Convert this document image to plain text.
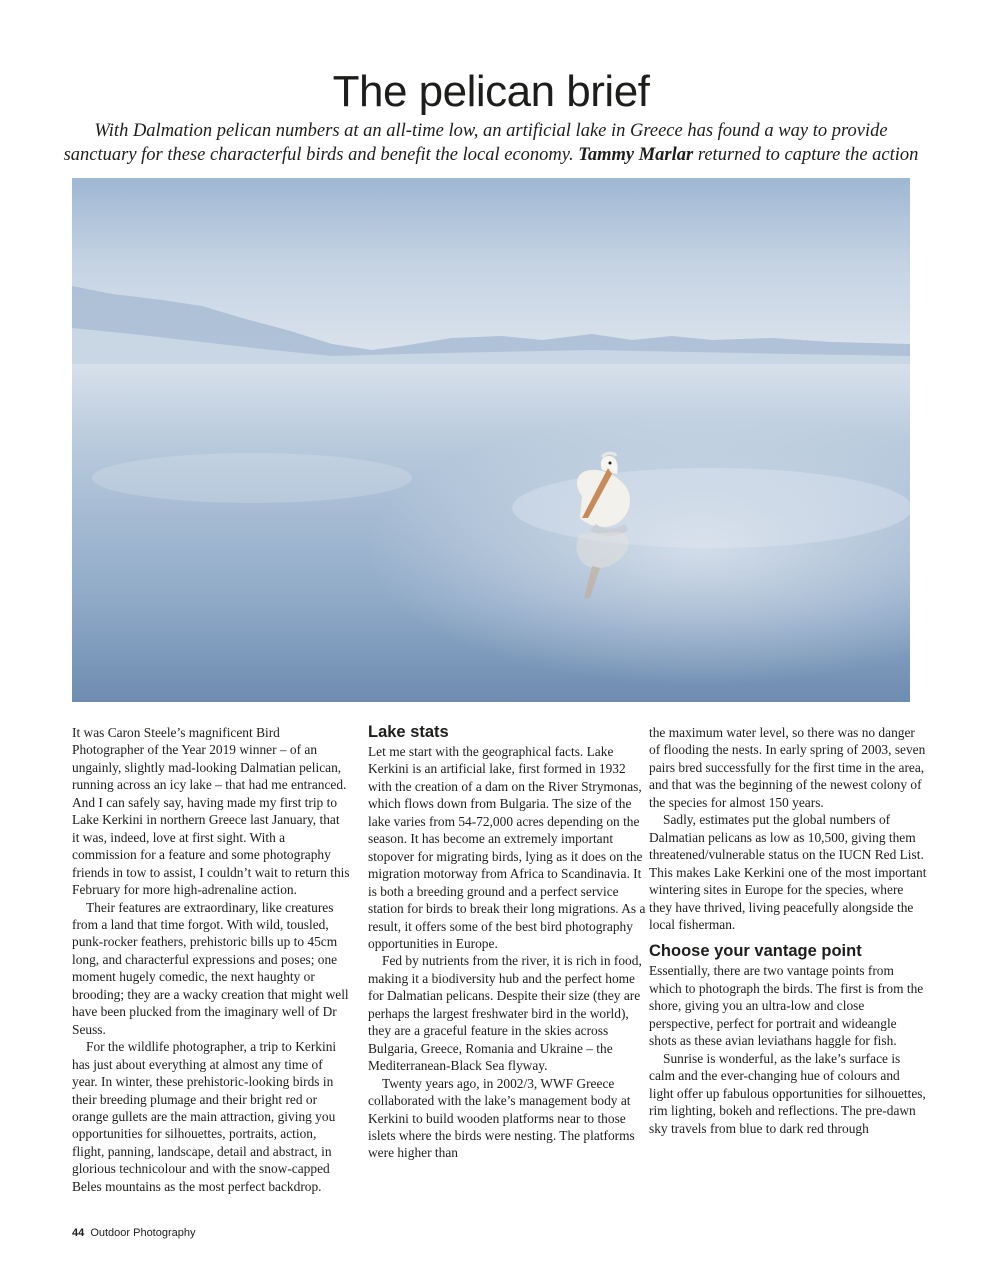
The pelican brief

With Dalmation pelican numbers at an all-time low, an artificial lake in Greece has found a way to provide sanctuary for these characterful birds and benefit the local economy. Tammy Marlar returned to capture the action

It was Caron Steele’s magnificent Bird Photographer of the Year 2019 winner – of an ungainly, slightly mad-looking Dalmatian pelican, running across an icy lake – that had me entranced. And I can safely say, having made my first trip to Lake Kerkini in northern Greece last January, that it was, indeed, love at first sight. With a commission for a feature and some photography friends in tow to assist, I couldn’t wait to return this February for more high-adrenaline action.

Their features are extraordinary, like creatures from a land that time forgot. With wild, tousled, punk-rocker feathers, prehistoric bills up to 45cm long, and characterful expressions and poses; one moment hugely comedic, the next haughty or brooding; they are a wacky creation that might well have been plucked from the imaginary well of Dr Seuss.

For the wildlife photographer, a trip to Kerkini has just about everything at almost any time of year. In winter, these prehistoric-looking birds in their breeding plumage and their bright red or orange gullets are the main attraction, giving you opportunities for silhouettes, portraits, action, flight, panning, landscape, detail and abstract, in glorious technicolour and with the snow-capped Beles mountains as the most perfect backdrop.

Lake stats

Let me start with the geographical facts. Lake Kerkini is an artificial lake, first formed in 1932 with the creation of a dam on the River Strymonas, which flows down from Bulgaria. The size of the lake varies from 54-72,000 acres depending on the season. It has become an extremely important stopover for migrating birds, lying as it does on the migration motorway from Africa to Scandinavia. It is both a breeding ground and a perfect service station for birds to break their long migrations. As a result, it offers some of the best bird photography opportunities in Europe.

Fed by nutrients from the river, it is rich in food, making it a biodiversity hub and the perfect home for Dalmatian pelicans. Despite their size (they are perhaps the largest freshwater bird in the world), they are a graceful feature in the skies across Bulgaria, Greece, Romania and Ukraine – the Mediterranean-Black Sea flyway.

Twenty years ago, in 2002/3, WWF Greece collaborated with the lake’s management body at Kerkini to build wooden platforms near to those islets where the birds were nesting. The platforms were higher than

the maximum water level, so there was no danger of flooding the nests. In early spring of 2003, seven pairs bred successfully for the first time in the area, and that was the beginning of the newest colony of the species for almost 150 years.

Sadly, estimates put the global numbers of Dalmatian pelicans as low as 10,500, giving them threatened/vulnerable status on the IUCN Red List. This makes Lake Kerkini one of the most important wintering sites in Europe for the species, where they have thrived, living peacefully alongside the local fisherman.

Choose your vantage point

Essentially, there are two vantage points from which to photograph the birds. The first is from the shore, giving you an ultra-low and close perspective, perfect for portrait and wideangle shots as these avian leviathans haggle for fish.

Sunrise is wonderful, as the lake’s surface is calm and the ever-changing hue of colours and light offer up fabulous opportunities for silhouettes, rim lighting, bokeh and reflections. The pre-dawn sky travels from blue to dark red through

44 Outdoor Photography
